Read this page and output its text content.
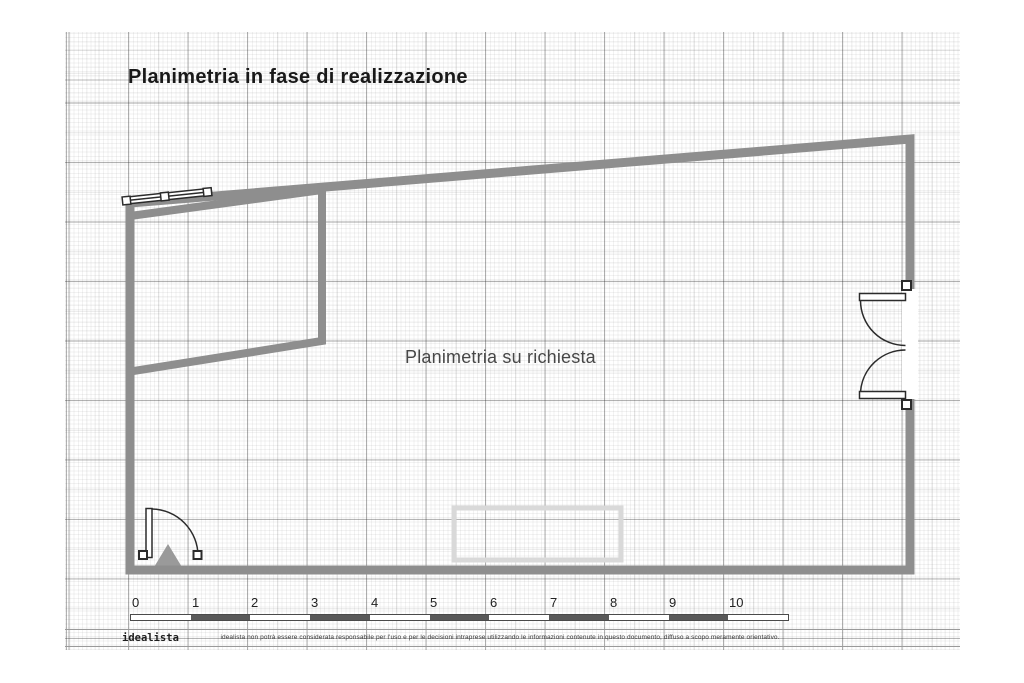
Planimetria in fase di realizzazione
Planimetria su richiesta
0	1	2	3	4	5	6	7	8	9	10
idealista	idealista non potrà essere considerata responsabile per l'uso e per le decisioni intraprese utilizzando le informazioni contenute in questo documento, diffuso a scopo meramente orientativo.
